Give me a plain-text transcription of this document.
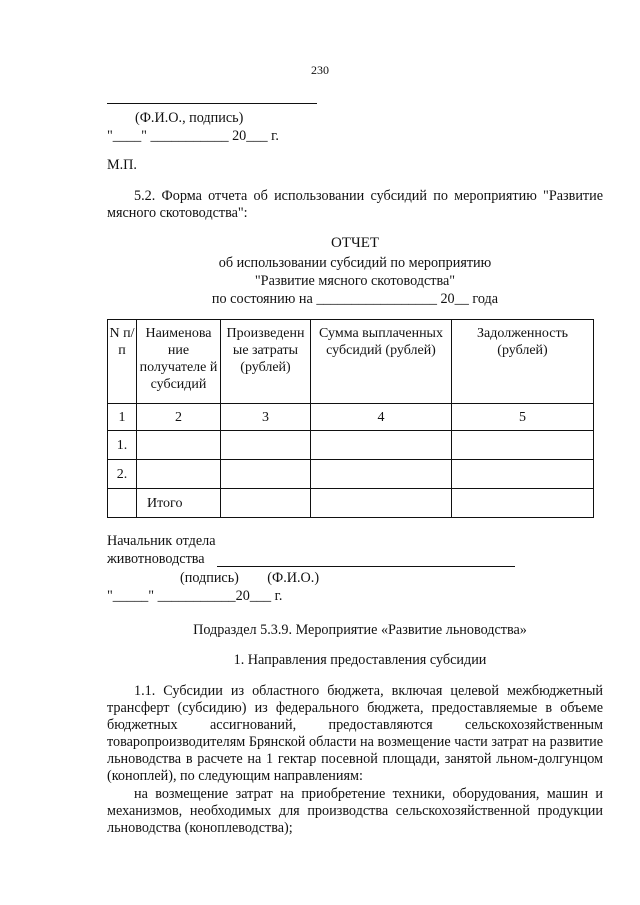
230
(Ф.И.О., подпись)
"____" ___________ 20___ г.
М.П.

5.2. Форма отчета об использовании субсидий по мероприятию "Развитие мясного скотоводства":

ОТЧЕТ
об использовании субсидий по мероприятию
"Развитие мясного скотоводства"
по состоянию на _________________ 20__ года
N п/п	Наименова ние получателе й субсидий	Произведенн ые затраты (рублей)	Сумма выплаченных субсидий (рублей)	Задолженность (рублей)
1	2	3	4	5
1.				
2.				
	Итого			
Начальник отдела
животноводства
(подпись)        (Ф.И.О.)
"_____" ___________20___ г.
Подраздел 5.3.9. Мероприятие «Развитие льноводства»
1. Направления предоставления субсидии

1.1. Субсидии из областного бюджета, включая целевой межбюджетный трансферт (субсидию) из федерального бюджета, предоставляемые в объеме бюджетных ассигнований, предоставляются сельскохозяйственным товаропроизводителям Брянской области на возмещение части затрат на развитие льноводства в расчете на 1 гектар посевной площади, занятой льном-долгунцом (коноплей), по следующим направлениям:

на возмещение затрат на приобретение техники, оборудования, машин и механизмов, необходимых для производства сельскохозяйственной продукции льноводства (коноплеводства);
